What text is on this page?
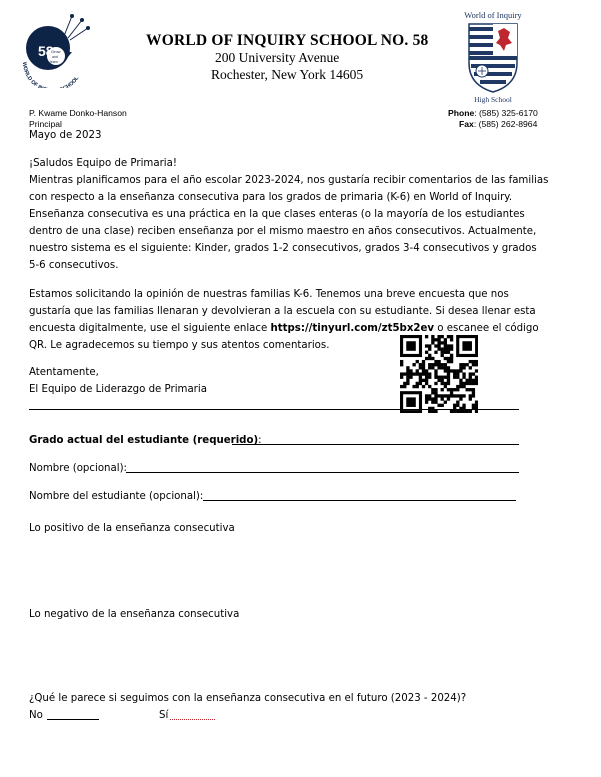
58
Grow
and
learn
WORLD OF I HOOL
WORLD OF INQUIRY SCHOOL NO. 58
200 University Avenue
Rochester, New York 14605
World of Inquiry
High School
P. Kwame Donko-Hanson
Principal
Phone: (585) 325-6170
Fax: (585) 262-8964
Mayo de 2023
¡Saludos Equipo de Primaria!
Mientras planificamos para el año escolar 2023-2024, nos gustaría recibir comentarios de las familias
con respecto a la enseñanza consecutiva para los grados de primaria (K-6) en World of Inquiry.
Enseñanza consecutiva es una práctica en la que clases enteras (o la mayoría de los estudiantes
dentro de una clase) reciben enseñanza por el mismo maestro en años consecutivos. Actualmente,
nuestro sistema es el siguiente: Kinder, grados 1-2 consecutivos, grados 3-4 consecutivos y grados
5-6 consecutivos.
Estamos solicitando la opinión de nuestras familias K-6. Tenemos una breve encuesta que nos
gustaría que las familias llenaran y devolvieran a la escuela con su estudiante. Si desea llenar esta
encuesta digitalmente, use el siguiente enlace https://tinyurl.com/zt5bx2ev o escanee el código
QR. Le agradecemos su tiempo y sus atentos comentarios.
Atentamente,
El Equipo de Liderazgo de Primaria
Grado actual del estudiante (requerido):
Nombre (opcional):
Nombre del estudiante (opcional):
Lo positivo de la enseñanza consecutiva
Lo negativo de la enseñanza consecutiva
¿Qué le parece si seguimos con la enseñanza consecutiva en el futuro (2023 - 2024)?
No	Sí
